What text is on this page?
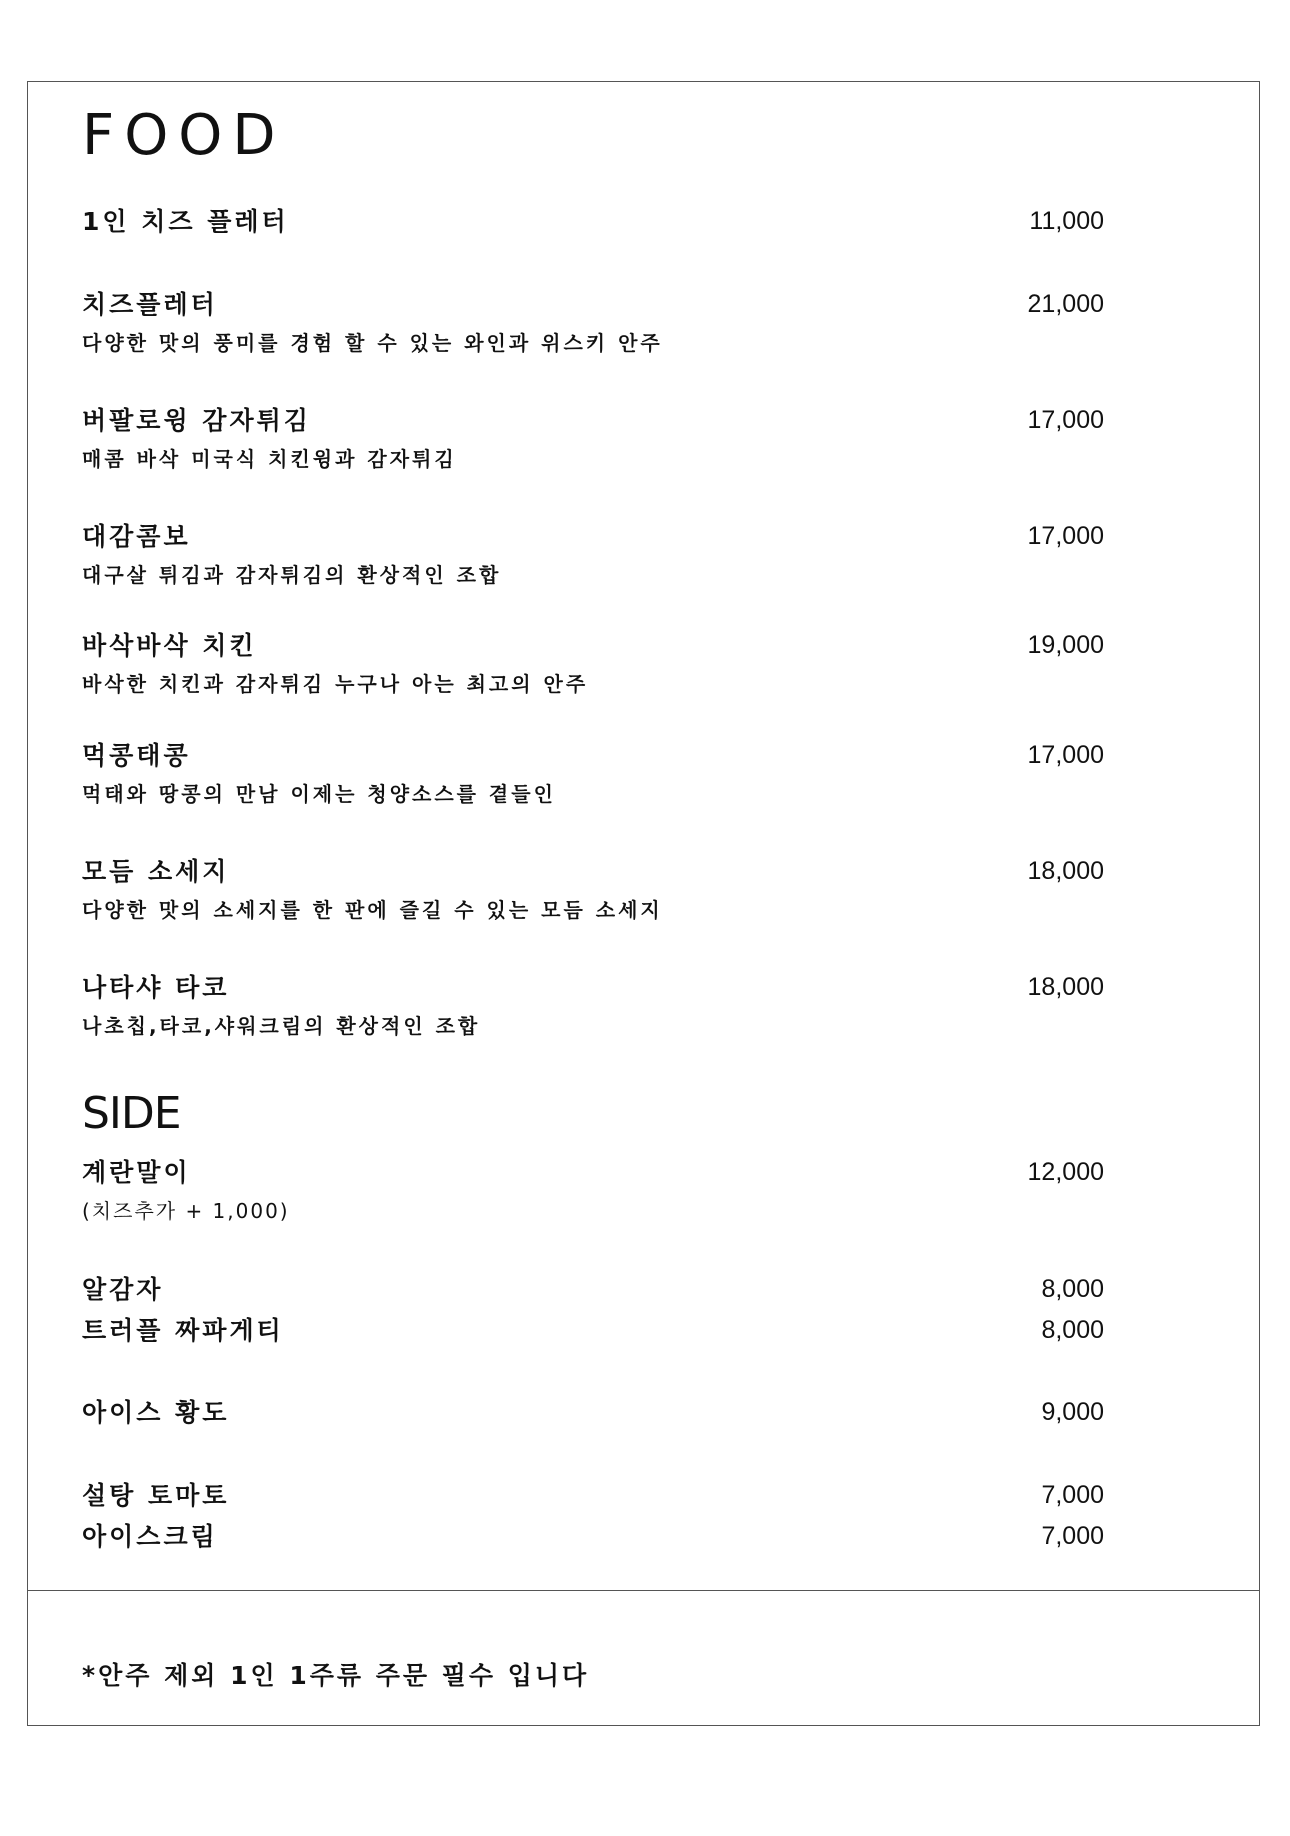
FOOD
1인 치즈 플레터	11,000
치즈플레터	21,000
다양한 맛의 풍미를 경험 할 수 있는 와인과 위스키 안주
버팔로윙 감자튀김	17,000
매콤 바삭 미국식 치킨윙과 감자튀김
대감콤보	17,000
대구살 튀김과 감자튀김의 환상적인 조합
바삭바삭 치킨	19,000
바삭한 치킨과 감자튀김 누구나 아는 최고의 안주
먹콩태콩	17,000
먹태와 땅콩의 만남 이제는 청양소스를 곁들인
모듬 소세지	18,000
다양한 맛의 소세지를 한 판에 즐길 수 있는 모듬 소세지
나타샤 타코	18,000
나초칩,타코,샤워크림의 환상적인 조합
SIDE
계란말이	12,000
(치즈추가 + 1,000)
알감자	8,000
트러플 짜파게티	8,000
아이스 황도	9,000
설탕 토마토	7,000
아이스크림	7,000
*안주 제외 1인 1주류 주문 필수 입니다
